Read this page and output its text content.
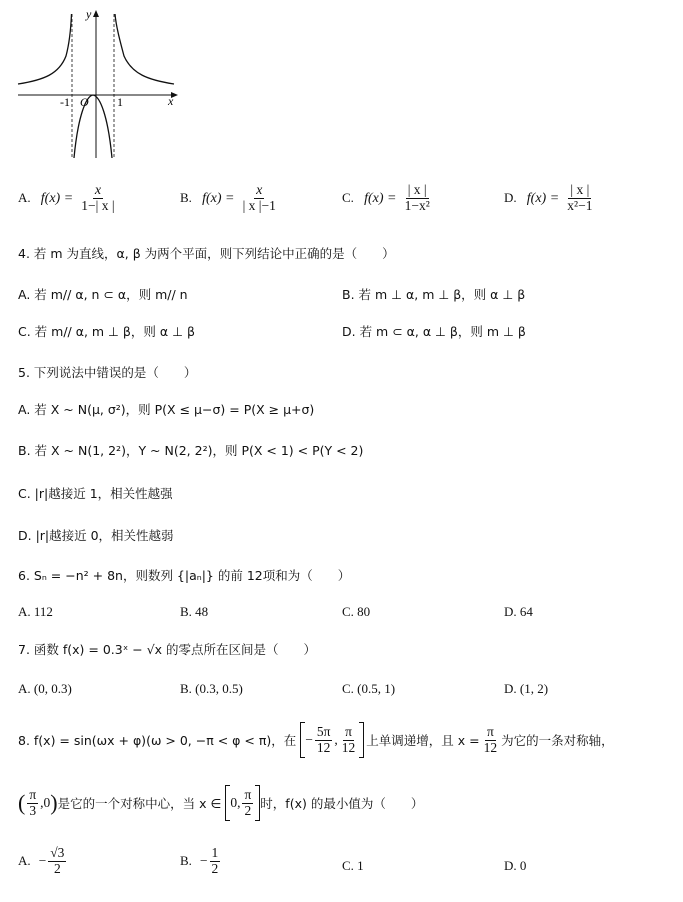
y
x
O
-1	1
A. $f(x) = \frac{x}{1-| x |}$	B. $f(x) = \frac{x}{| x |-1}$	C. $f(x) = \frac{| x |}{\text{1−x²}}$	D. $f(x) = \frac{| x |}{\text{x²−1}}$
4. 若 m 为直线，α, β 为两个平面，则下列结论中正确的是（　　）
A. 若 m// α, n ⊂ α，则 m// n	B. 若 m ⊥ α, m ⊥ β，则 α ⊥ β
C. 若 m// α, m ⊥ β，则 α ⊥ β	D. 若 m ⊂ α, α ⊥ β，则 m ⊥ β
5. 下列说法中错误的是（　　）
A. 若 X ~ N(μ, σ²)，则 P(X ≤ μ−σ) = P(X ≥ μ+σ)
B. 若 X ~ N(1, 2²)，Y ~ N(2, 2²)，则 P(X < 1) < P(Y < 2)
C. |r|越接近 1，相关性越强
D. |r|越接近 0，相关性越弱
6. Sₙ = −n² + 8n，则数列 {|aₙ|} 的前 12项和为（　　）
A. 112	B. 48	C. 80	D. 64
7. 函数 f(x) = 0.3ˣ − √x 的零点所在区间是（　　）
A. (0, 0.3)	B. (0.3, 0.5)	C. (0.5, 1)	D. (1, 2)
8. f(x) = sin(ωx + φ)(ω > 0, −π < φ < π)，在 − $\frac{5\pi}{12}$ , $\frac{\pi}{12}$ 上单调递增，且 $x = \frac{\pi}{12}$ 为它的一条对称轴，
( $\frac{\pi}{3} ,0$ ) 是它的一个对称中心，当 x ∈ 0, $\frac{\pi}{2}$ 时，f(x) 的最小值为（　　）
A. − $\frac{√3}{2}$	B. − $\frac{1}{2}$	C. 1	D. 0
